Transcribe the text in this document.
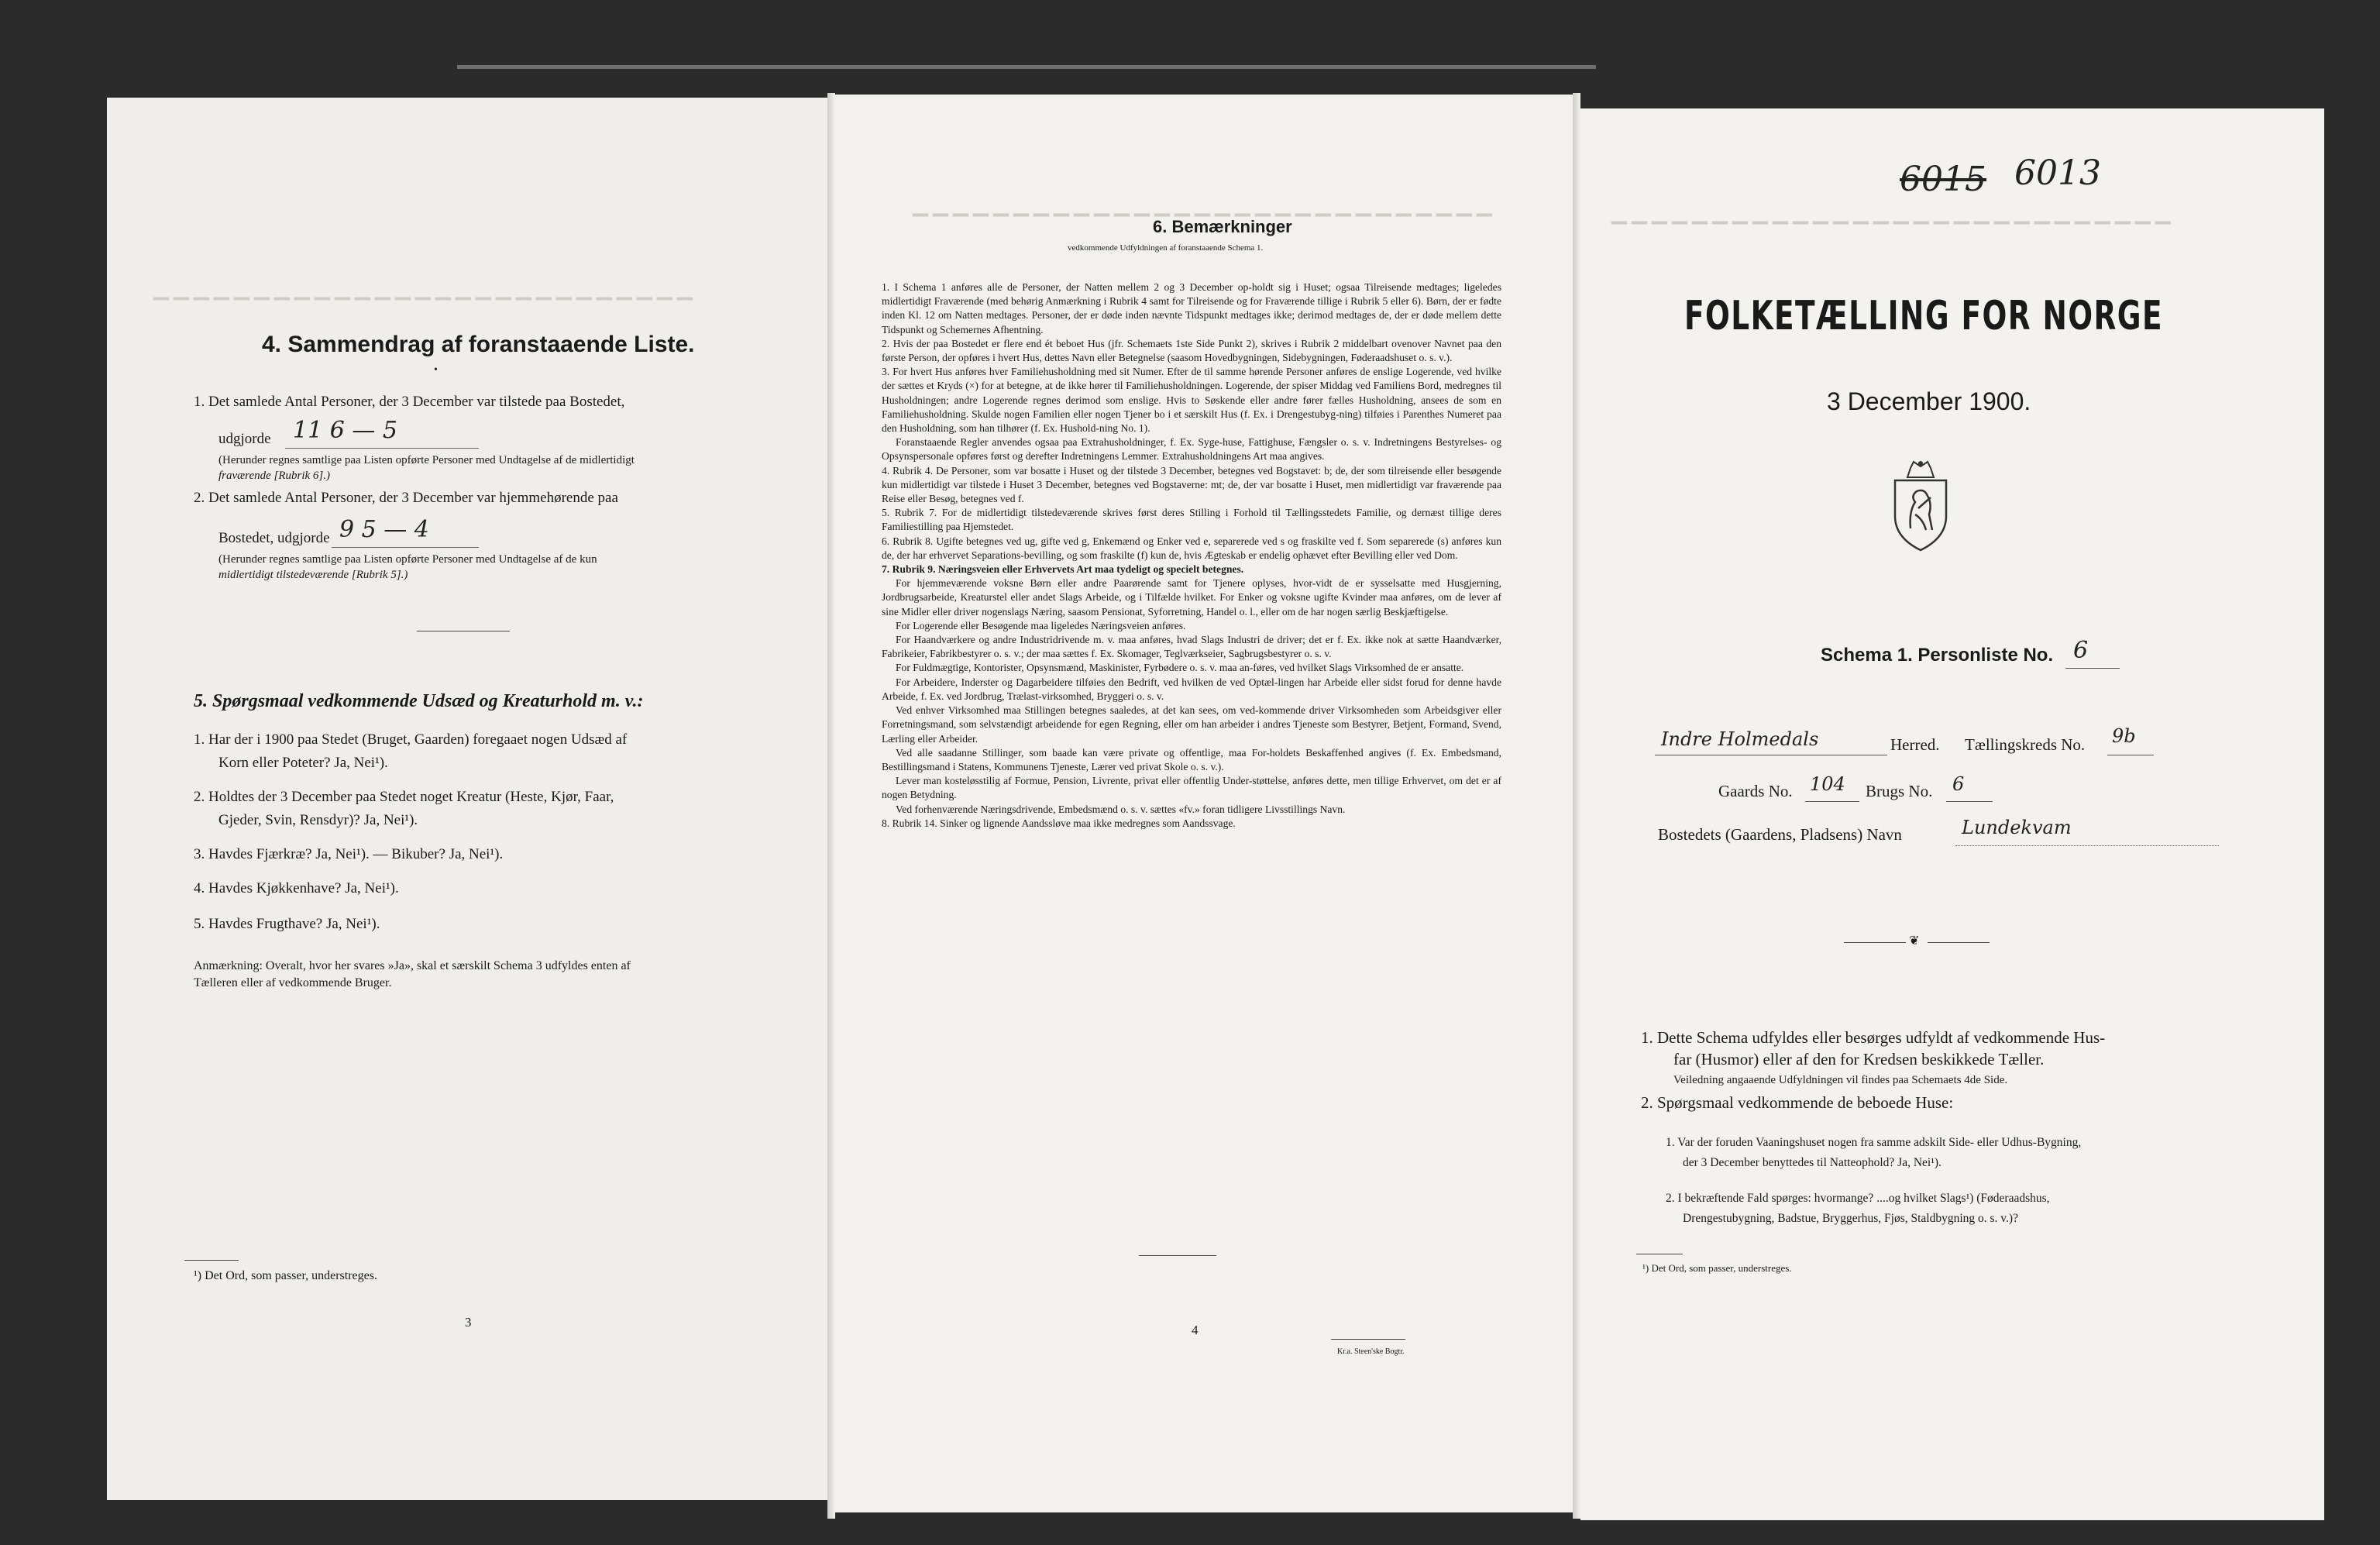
▁▁▁▁▁▁▁▁▁▁▁▁▁▁▁▁▁▁▁▁▁▁▁▁▁▁▁
4. Sammendrag af foranstaaende Liste.
•
1. Det samlede Antal Personer, der 3 December var tilstede paa Bostedet,
udgjorde 11 6 — 5
(Herunder regnes samtlige paa Listen opførte Personer med Undtagelse af de midlertidigt
fraværende [Rubrik 6].)
2. Det samlede Antal Personer, der 3 December var hjemmehørende paa
Bostedet, udgjorde 9 5 — 4
(Herunder regnes samtlige paa Listen opførte Personer med Undtagelse af de kun
midlertidigt tilstedeværende [Rubrik 5].)
5. Spørgsmaal vedkommende Udsæd og Kreaturhold m. v.:
1. Har der i 1900 paa Stedet (Bruget, Gaarden) foregaaet nogen Udsæd af
Korn eller Poteter? Ja, Nei¹).
2. Holdtes der 3 December paa Stedet noget Kreatur (Heste, Kjør, Faar,
Gjeder, Svin, Rensdyr)? Ja, Nei¹).
3. Havdes Fjærkræ? Ja, Nei¹). — Bikuber? Ja, Nei¹).
4. Havdes Kjøkkenhave? Ja, Nei¹).
5. Havdes Frugthave? Ja, Nei¹).
Anmærkning: Overalt, hvor her svares »Ja», skal et særskilt Schema 3 udfyldes enten af
Tælleren eller af vedkommende Bruger.
¹) Det Ord, som passer, understreges.
3
▁▁▁▁▁▁▁▁▁▁▁▁▁▁▁▁▁▁▁▁▁▁▁▁▁▁▁▁▁
6. Bemærkninger
vedkommende Udfyldningen af foranstaaende Schema 1.

1. I Schema 1 anføres alle de Personer, der Natten mellem 2 og 3 December op-holdt sig i Huset; ogsaa Tilreisende medtages; ligeledes midlertidigt Fraværende (med behørig Anmærkning i Rubrik 4 samt for Tilreisende og for Fraværende tillige i Rubrik 5 eller 6). Børn, der er fødte inden Kl. 12 om Natten medtages. Personer, der er døde inden nævnte Tidspunkt medtages ikke; derimod medtages de, der er døde mellem dette Tidspunkt og Schemernes Afhentning.

2. Hvis der paa Bostedet er flere end ét beboet Hus (jfr. Schemaets 1ste Side Punkt 2), skrives i Rubrik 2 middelbart ovenover Navnet paa den første Person, der opføres i hvert Hus, dettes Navn eller Betegnelse (saasom Hovedbygningen, Sidebygningen, Føderaadshuset o. s. v.).

3. For hvert Hus anføres hver Familiehusholdning med sit Numer. Efter de til samme hørende Personer anføres de enslige Logerende, ved hvilke der sættes et Kryds (×) for at betegne, at de ikke hører til Familiehusholdningen. Logerende, der spiser Middag ved Familiens Bord, medregnes til Husholdningen; andre Logerende regnes derimod som enslige. Hvis to Søskende eller andre fører fælles Husholdning, ansees de som en Familiehusholdning. Skulde nogen Familien eller nogen Tjener bo i et særskilt Hus (f. Ex. i Drengestubyg-ning) tilføies i Parenthes Numeret paa den Husholdning, som han tilhører (f. Ex. Hushold-ning No. 1).

Foranstaaende Regler anvendes ogsaa paa Extrahusholdninger, f. Ex. Syge-huse, Fattighuse, Fængsler o. s. v. Indretningens Bestyrelses- og Opsynspersonale opføres først og derefter Indretningens Lemmer. Extrahusholdningens Art maa angives.

4. Rubrik 4. De Personer, som var bosatte i Huset og der tilstede 3 December, betegnes ved Bogstavet: b; de, der som tilreisende eller besøgende kun midlertidigt var tilstede i Huset 3 December, betegnes ved Bogstaverne: mt; de, der var bosatte i Huset, men midlertidigt var fraværende paa Reise eller Besøg, betegnes ved f.

5. Rubrik 7. For de midlertidigt tilstedeværende skrives først deres Stilling i Forhold til Tællingsstedets Familie, og dernæst tillige deres Familiestilling paa Hjemstedet.

6. Rubrik 8. Ugifte betegnes ved ug, gifte ved g, Enkemænd og Enker ved e, separerede ved s og fraskilte ved f. Som separerede (s) anføres kun de, der har erhvervet Separations-bevilling, og som fraskilte (f) kun de, hvis Ægteskab er endelig ophævet efter Bevilling eller ved Dom.

7. Rubrik 9. Næringsveien eller Erhvervets Art maa tydeligt og specielt betegnes.

For hjemmeværende voksne Børn eller andre Paarørende samt for Tjenere oplyses, hvor-vidt de er sysselsatte med Husgjerning, Jordbrugsarbeide, Kreaturstel eller andet Slags Arbeide, og i Tilfælde hvilket. For Enker og voksne ugifte Kvinder maa anføres, om de lever af sine Midler eller driver nogenslags Næring, saasom Pensionat, Syforretning, Handel o. l., eller om de har nogen særlig Beskjæftigelse.

For Logerende eller Besøgende maa ligeledes Næringsveien anføres.

For Haandværkere og andre Industridrivende m. v. maa anføres, hvad Slags Industri de driver; det er f. Ex. ikke nok at sætte Haandværker, Fabrikeier, Fabrikbestyrer o. s. v.; der maa sættes f. Ex. Skomager, Teglværkseier, Sagbrugsbestyrer o. s. v.

For Fuldmægtige, Kontorister, Opsynsmænd, Maskinister, Fyrbødere o. s. v. maa an-føres, ved hvilket Slags Virksomhed de er ansatte.

For Arbeidere, Inderster og Dagarbeidere tilføies den Bedrift, ved hvilken de ved Optæl-lingen har Arbeide eller sidst forud for denne havde Arbeide, f. Ex. ved Jordbrug, Trælast-virksomhed, Bryggeri o. s. v.

Ved enhver Virksomhed maa Stillingen betegnes saaledes, at det kan sees, om ved-kommende driver Virksomheden som Arbeidsgiver eller Forretningsmand, som selvstændigt arbeidende for egen Regning, eller om han arbeider i andres Tjeneste som Bestyrer, Betjent, Formand, Svend, Lærling eller Arbeider.

Ved alle saadanne Stillinger, som baade kan være private og offentlige, maa For-holdets Beskaffenhed angives (f. Ex. Embedsmand, Bestillingsmand i Statens, Kommunens Tjeneste, Lærer ved privat Skole o. s. v.).

Lever man kosteløsstilig af Formue, Pension, Livrente, privat eller offentlig Under-støttelse, anføres dette, men tillige Erhvervet, om det er af nogen Betydning.

Ved forhenværende Næringsdrivende, Embedsmænd o. s. v. sættes «fv.» foran tidligere Livsstillings Navn.

8. Rubrik 14. Sinker og lignende Aandssløve maa ikke medregnes som Aandssvage.

4
Kr.a. Steen'ske Bogtr.
▁▁▁▁▁▁▁▁▁▁▁▁▁▁▁▁▁▁▁▁▁▁▁▁▁▁▁▁
6015 6013
FOLKETÆLLING FOR NORGE
3 December 1900.
Schema 1. Personliste No. 6
Indre Holmedals	Herred. Tællingskreds No. 9b
Gaards No. 104 Brugs No. 6
Bostedets (Gaardens, Pladsens) Navn	Lundekvam
❦
1. Dette Schema udfyldes eller besørges udfyldt af vedkommende Hus-
far (Husmor) eller af den for Kredsen beskikkede Tæller.
Veiledning angaaende Udfyldningen vil findes paa Schemaets 4de Side.
2. Spørgsmaal vedkommende de beboede Huse:
1. Var der foruden Vaaningshuset nogen fra samme adskilt Side- eller Udhus-Bygning,
der 3 December benyttedes til Natteophold? Ja, Nei¹).
2. I bekræftende Fald spørges: hvormange? ....og hvilket Slags¹) (Føderaadshus,
Drengestubygning, Badstue, Bryggerhus, Fjøs, Staldbygning o. s. v.)?
¹) Det Ord, som passer, understreges.
